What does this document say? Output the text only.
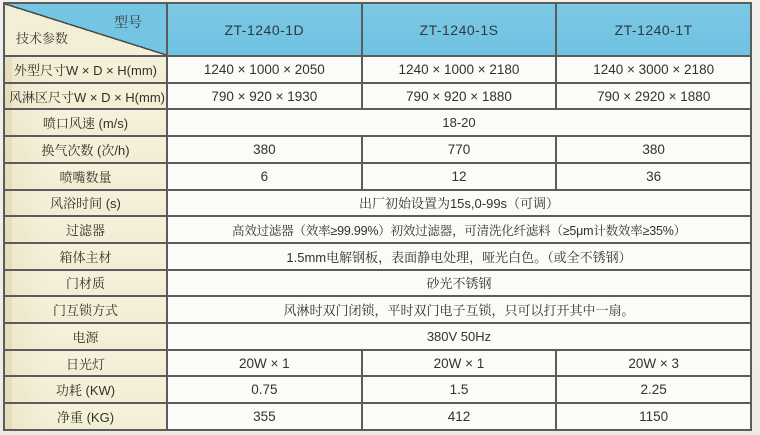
型号
技术参数	ZT-1240-1D	ZT-1240-1S	ZT-1240-1T
外型尺寸W × D × H(mm)	1240 × 1000 × 2050	1240 × 1000 × 2180	1240 × 3000 × 2180
风淋区尺寸W × D × H(mm)	790 × 920 × 1930	790 × 920 × 1880	790 × 2920 × 1880
喷口风速 (m/s)	18-20		
换气次数 (次/h)	380	770	380
喷嘴数量	6	12	36
风浴时间 (s)	出厂初始设置为15s,0-99s（可调）		
过滤器	高效过滤器（效率≥99.99%）初效过滤器，可清洗化纤滤料（≥5μm计数效率≥35%）		
箱体主材	1.5mm电解钢板，表面静电处理，哑光白色。（或全不锈钢）		
门材质	砂光不锈钢		
门互锁方式	风淋时双门闭锁，平时双门电子互锁，只可以打开其中一扇。		
电源	380V 50Hz		
日光灯	20W × 1	20W × 1	20W × 3
功耗 (KW)	0.75	1.5	2.25
净重 (KG)	355	412	1150
